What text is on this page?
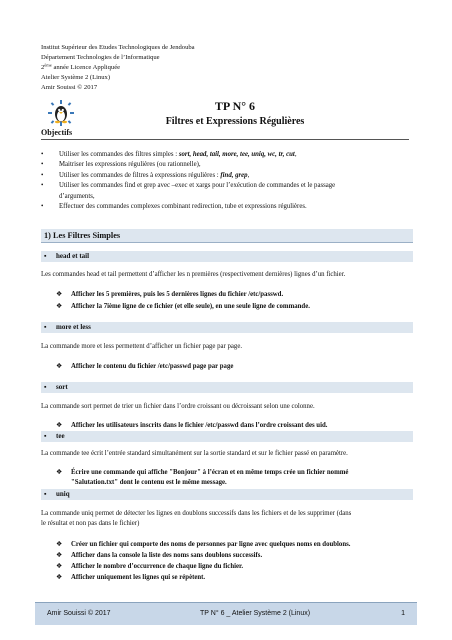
Institut Supérieur des Etudes Technologiques de Jendouba
Département Technologies de l’Informatique
2ème année Licence Appliquée
Atelier Système 2 (Linux)
Amir Souissi © 2017
TP N° 6
Filtres et Expressions Régulières
Objectifs
• Utiliser les commandes des filtres simples : sort, head, tail, more, tee, uniq, wc, tr, cut,
• Maitriser les expressions régulières (ou rationnelle),
• Utiliser les commandes de filtres à expressions régulières : find, grep,
• Utiliser les commandes find et grep avec –exec et xargs pour l’exécution de commandes et le passage
d’arguments,
• Effectuer des commandes complexes combinant redirection, tube et expressions régulières.
1) Les Filtres Simples
▪ head et tail
Les commandes head et tail permettent d’afficher les n premières (respectivement dernières) lignes d’un fichier.
❖	Afficher les 5 premières, puis les 5 dernières lignes du fichier /etc/passwd.
❖	Afficher la 7ième ligne de ce fichier (et elle seule), en une seule ligne de commande.
▪ more et less
La commande more et less permettent d’afficher un fichier page par page.
❖	Afficher le contenu du fichier /etc/passwd page par page
▪ sort
La commande sort permet de trier un fichier dans l’ordre croissant ou décroissant selon une colonne.
❖	Afficher les utilisateurs inscrits dans le fichier /etc/passwd dans l’ordre croissant des uid.
▪ tee
La commande tee écrit l’entrée standard simultanément sur la sortie standard et sur le fichier passé en paramètre.
❖	Écrire une commande qui affiche "Bonjour" à l’écran et en même temps crée un fichier nommé
"Salutation.txt" dont le contenu est le même message.
▪ uniq
La commande uniq permet de détecter les lignes en doublons successifs dans les fichiers et de les supprimer (dans
le résultat et non pas dans le fichier)
❖	Créer un fichier qui comporte des noms de personnes par ligne avec quelques noms en doublons.
❖	Afficher dans la console la liste des noms sans doublons successifs.
❖	Afficher le nombre d’occurrence de chaque ligne du fichier.
❖	Afficher uniquement les lignes qui se répètent.
Amir Souissi © 2017	TP N° 6 _ Atelier Système 2 (Linux)	1
